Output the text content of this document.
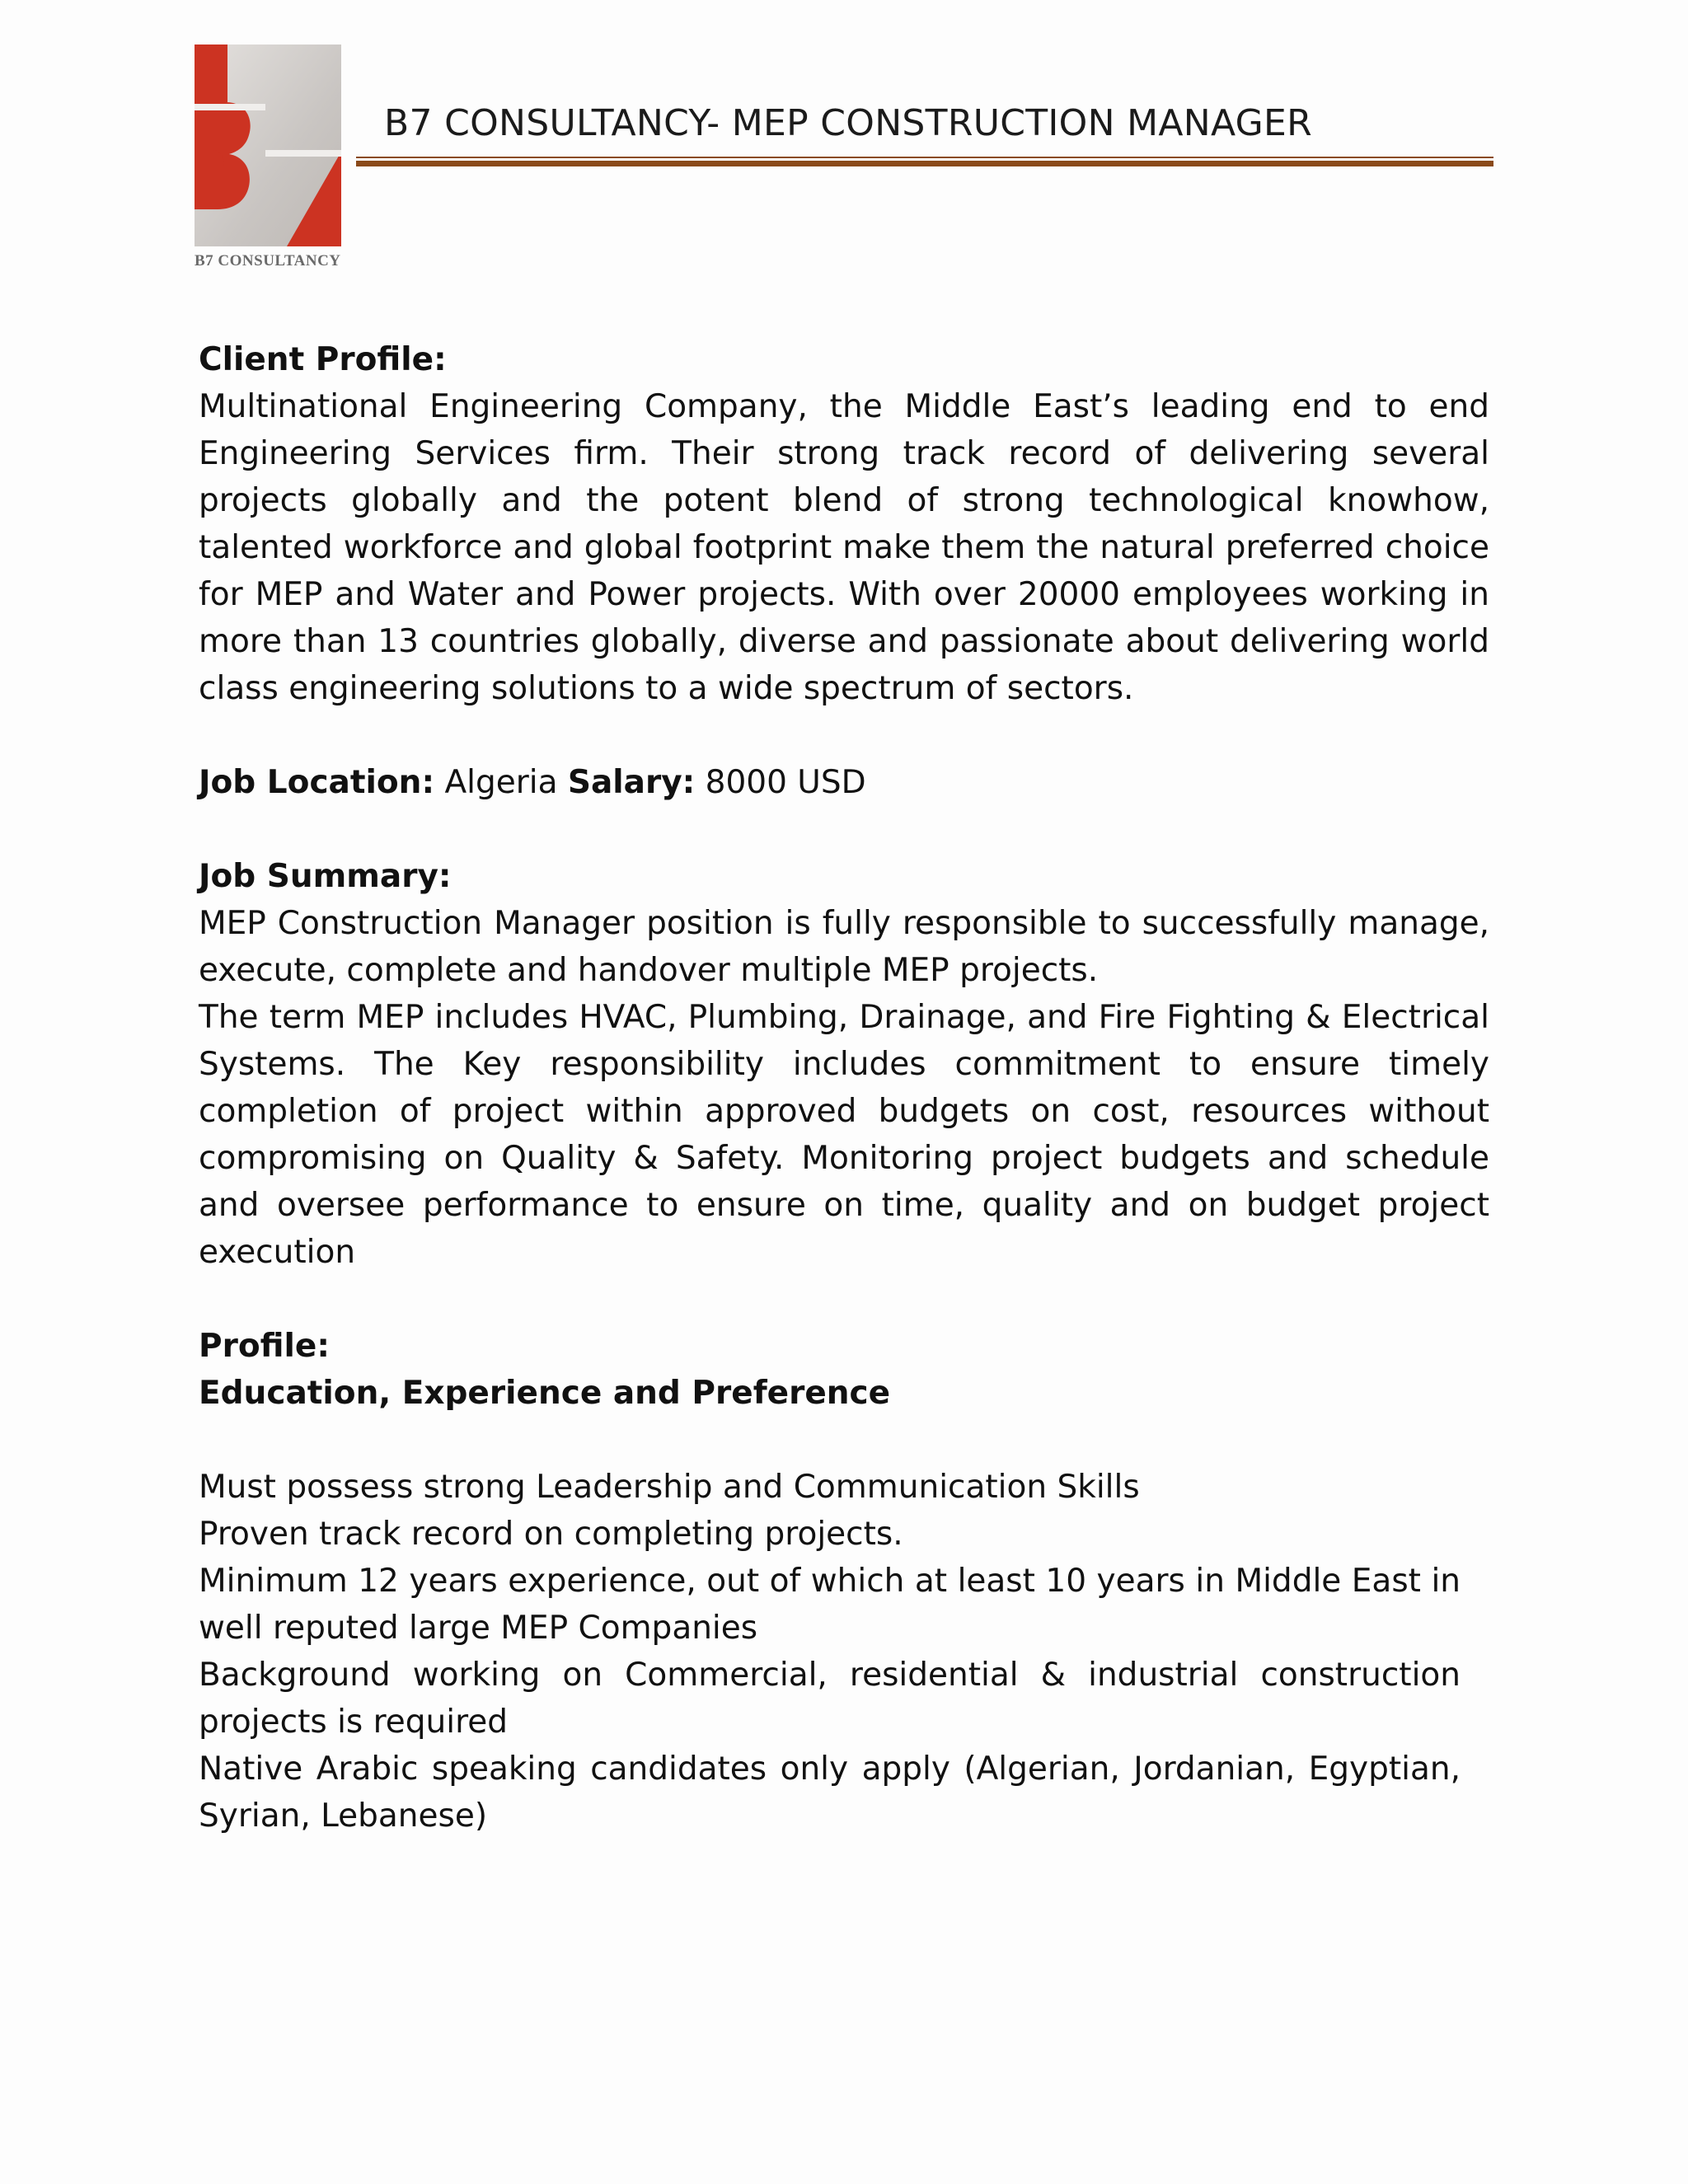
B7 CONSULTANCY
B7 CONSULTANCY- MEP CONSTRUCTION MANAGER

Client Profile:

Multinational Engineering Company, the Middle East’s leading end to end Engineering Services firm. Their strong track record of delivering several projects globally and the potent blend of strong technological knowhow, talented workforce and global footprint make them the natural preferred choice for MEP and Water and Power projects. With over 20000 employees working in more than 13 countries globally, diverse and passionate about delivering world class engineering solutions to a wide spectrum of sectors.

Job Location: Algeria Salary: 8000 USD

Job Summary:

MEP Construction Manager position is fully responsible to successfully manage, execute, complete and handover multiple MEP projects.

The term MEP includes HVAC, Plumbing, Drainage, and Fire Fighting & Electrical Systems. The Key responsibility includes commitment to ensure timely completion of project within approved budgets on cost, resources without compromising on Quality & Safety. Monitoring project budgets and schedule and oversee performance to ensure on time, quality and on budget project execution

Profile:

Education, Experience and Preference

Must possess strong Leadership and Communication Skills
Proven track record on completing projects.
Minimum 12 years experience, out of which at least 10 years in Middle East in well reputed large MEP Companies
Background working on Commercial, residential & industrial construction projects is required
Native Arabic speaking candidates only apply (Algerian, Jordanian, Egyptian, Syrian, Lebanese)
